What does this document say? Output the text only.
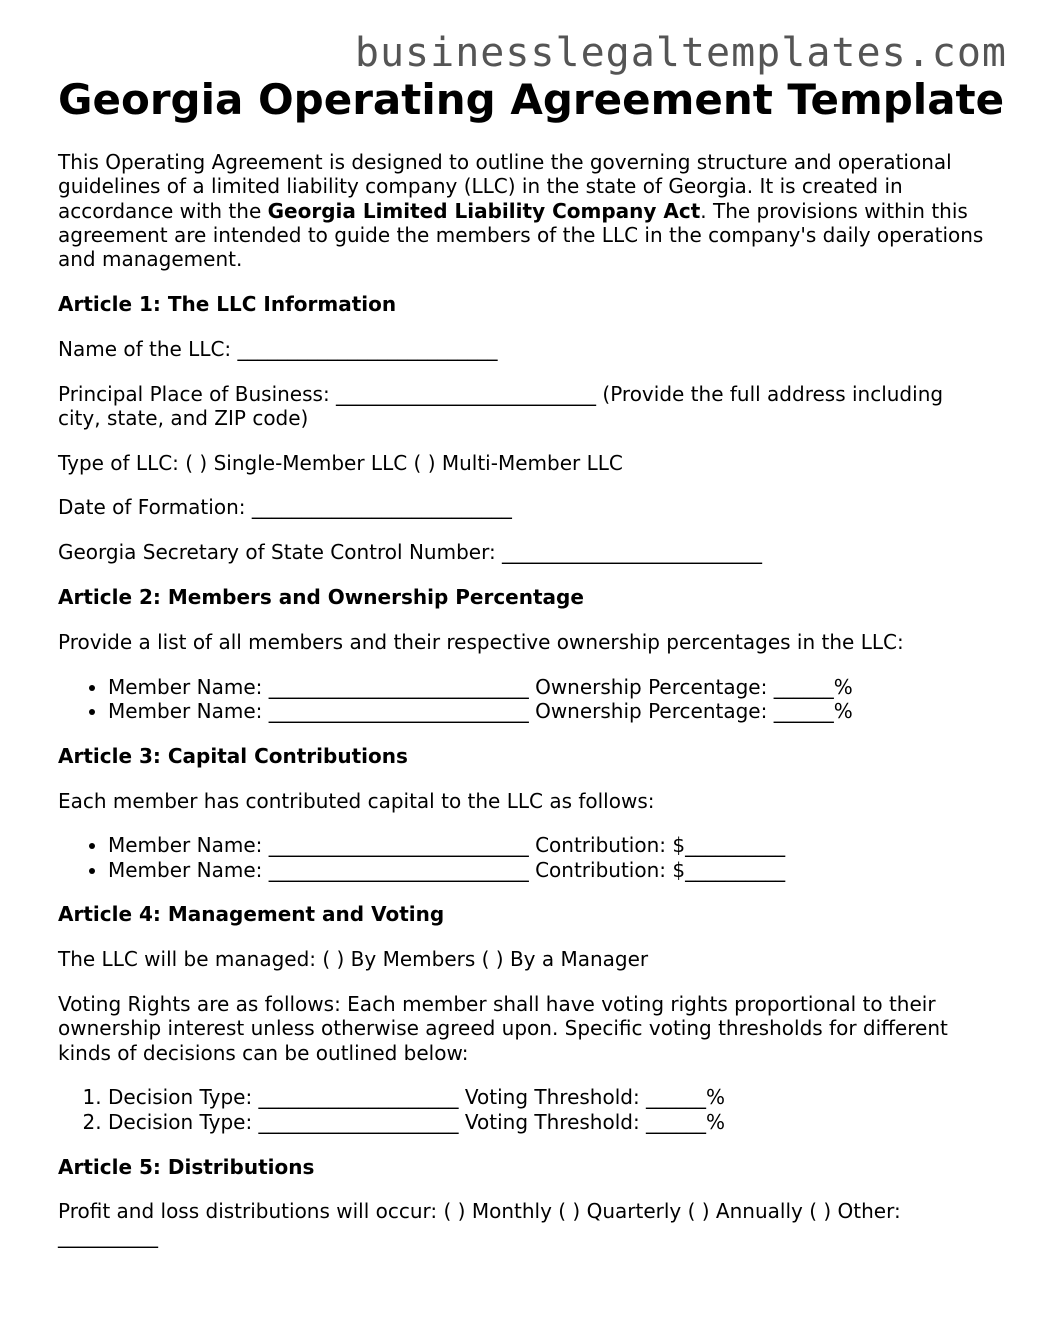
businesslegaltemplates.com
Georgia Operating Agreement Template

This Operating Agreement is designed to outline the governing structure and operational guidelines of a limited liability company (LLC) in the state of Georgia. It is created in accordance with the Georgia Limited Liability Company Act. The provisions within this agreement are intended to guide the members of the LLC in the company's daily operations and management.

Article 1: The LLC Information

Name of the LLC: __________________________

Principal Place of Business: __________________________ (Provide the full address including city, state, and ZIP code)

Type of LLC: ( ) Single-Member LLC ( ) Multi-Member LLC

Date of Formation: __________________________

Georgia Secretary of State Control Number: __________________________

Article 2: Members and Ownership Percentage

Provide a list of all members and their respective ownership percentages in the LLC:

• Member Name: __________________________ Ownership Percentage: ______%
• Member Name: __________________________ Ownership Percentage: ______%
Article 3: Capital Contributions

Each member has contributed capital to the LLC as follows:

• Member Name: __________________________ Contribution: $__________
• Member Name: __________________________ Contribution: $__________
Article 4: Management and Voting

The LLC will be managed: ( ) By Members ( ) By a Manager

Voting Rights are as follows: Each member shall have voting rights proportional to their ownership interest unless otherwise agreed upon. Specific voting thresholds for different kinds of decisions can be outlined below:

1. Decision Type: ____________________ Voting Threshold: ______%
2. Decision Type: ____________________ Voting Threshold: ______%
Article 5: Distributions

Profit and loss distributions will occur: ( ) Monthly ( ) Quarterly ( ) Annually ( ) Other: __________
